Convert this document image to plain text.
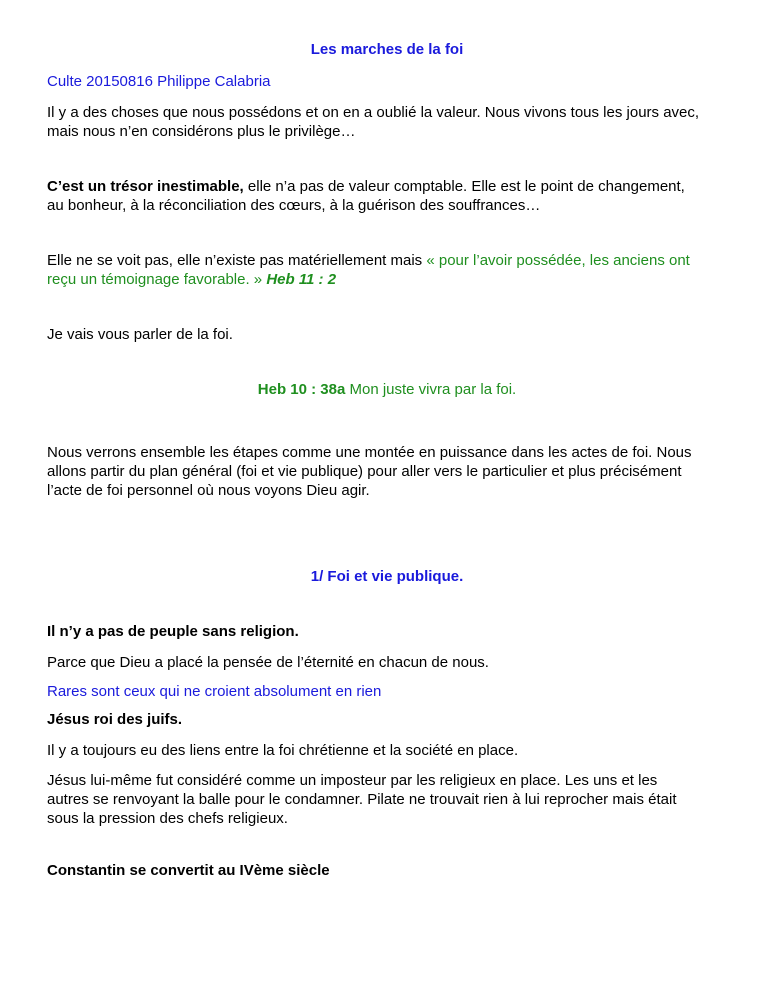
Les marches de la foi

Culte 20150816 Philippe Calabria

Il y a des choses que nous possédons et on en a oublié la valeur. Nous vivons tous les jours avec,

mais nous n’en considérons plus le privilège…

C’est un trésor inestimable, elle n’a pas de valeur comptable. Elle est le point de changement,

au bonheur, à la réconciliation des cœurs, à la guérison des souffrances…

Elle ne se voit pas, elle n’existe pas matériellement mais « pour l’avoir possédée, les anciens ont

reçu un témoignage favorable. » Heb 11 : 2

Je vais vous parler de la foi.

Heb 10 : 38a Mon juste vivra par la foi.

Nous verrons ensemble les étapes comme une montée en puissance dans les actes de foi. Nous

allons partir du plan général (foi et vie publique) pour aller vers le particulier et plus précisément

l’acte de foi personnel où nous voyons Dieu agir.

1/ Foi et vie publique.

Il n’y a pas de peuple sans religion.

Parce que Dieu a placé la pensée de l’éternité en chacun de nous.

Rares sont ceux qui ne croient absolument en rien

Jésus roi des juifs.

Il y a toujours eu des liens entre la foi chrétienne et la société en place.

Jésus lui-même fut considéré comme un imposteur par les religieux en place. Les uns et les

autres se renvoyant la balle pour le condamner. Pilate ne trouvait rien à lui reprocher mais était

sous la pression des chefs religieux.

Constantin se convertit au IVème siècle
